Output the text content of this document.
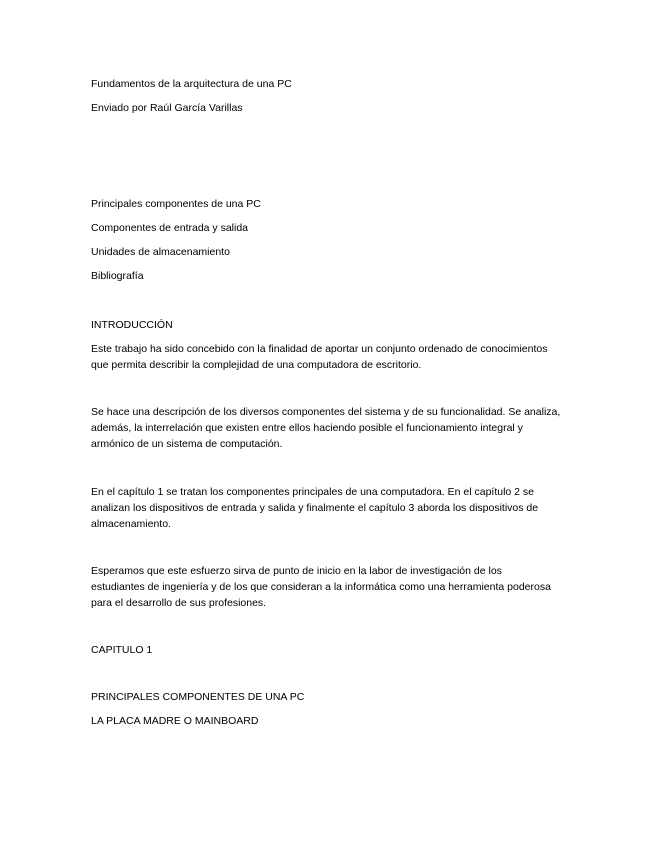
Fundamentos de la arquitectura de una PC
Enviado por Raúl García Varillas
Principales componentes de una PC
Componentes de entrada y salida
Unidades de almacenamiento
Bibliografía
INTRODUCCIÓN
Este trabajo ha sido concebido con la finalidad de aportar un conjunto ordenado de conocimientos
que permita describir la complejidad de una computadora de escritorio.
Se hace una descripción de los diversos componentes del sistema y de su funcionalidad. Se analiza,
además, la interrelación que existen entre ellos haciendo posible el funcionamiento integral y
armónico de un sistema de computación.
En el capítulo 1 se tratan los componentes principales de una computadora. En el capítulo 2 se
analizan los dispositivos de entrada y salida y finalmente el capítulo 3 aborda los dispositivos de
almacenamiento.
Esperamos que este esfuerzo sirva de punto de inicio en la labor de investigación de los
estudiantes de ingeniería y de los que consideran a la informática como una herramienta poderosa
para el desarrollo de sus profesiones.
CAPITULO 1
PRINCIPALES COMPONENTES DE UNA PC
LA PLACA MADRE O MAINBOARD
